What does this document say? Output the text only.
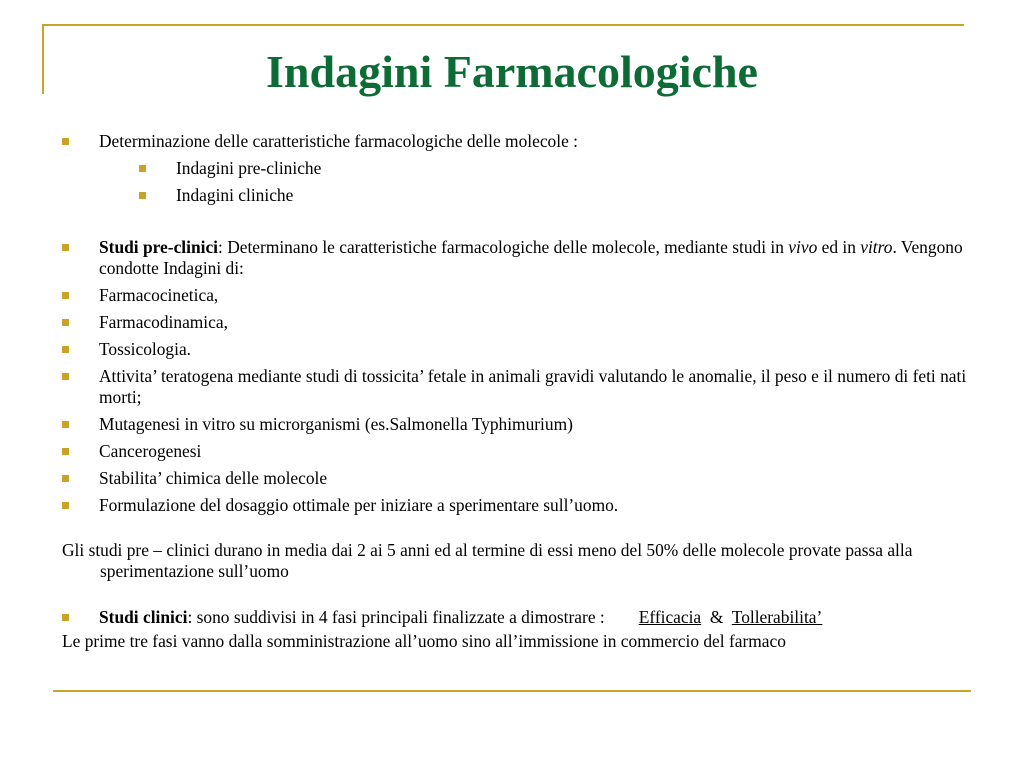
Indagini Farmacologiche
Determinazione delle caratteristiche farmacologiche delle molecole :
Indagini pre-cliniche
Indagini cliniche
Studi pre-clinici: Determinano le caratteristiche farmacologiche delle molecole, mediante studi in vivo ed in vitro. Vengono condotte Indagini di:
Farmacocinetica,
Farmacodinamica,
Tossicologia.
Attivita’ teratogena mediante studi di tossicita’ fetale in animali gravidi valutando le anomalie, il peso e il numero di feti nati morti;
Mutagenesi in vitro su microrganismi (es.Salmonella Typhimurium)
Cancerogenesi
Stabilita’ chimica delle molecole
Formulazione del dosaggio ottimale per iniziare a sperimentare sull’uomo.
Gli studi pre – clinici durano in media dai 2 ai 5 anni ed al termine di essi meno del 50% delle molecole provate passa alla sperimentazione sull’uomo
Studi clinici: sono suddivisi in 4 fasi principali finalizzate a dimostrare : Efficacia & Tollerabilita’
Le prime tre fasi vanno dalla somministrazione all’uomo sino all’immissione in commercio del farmaco
